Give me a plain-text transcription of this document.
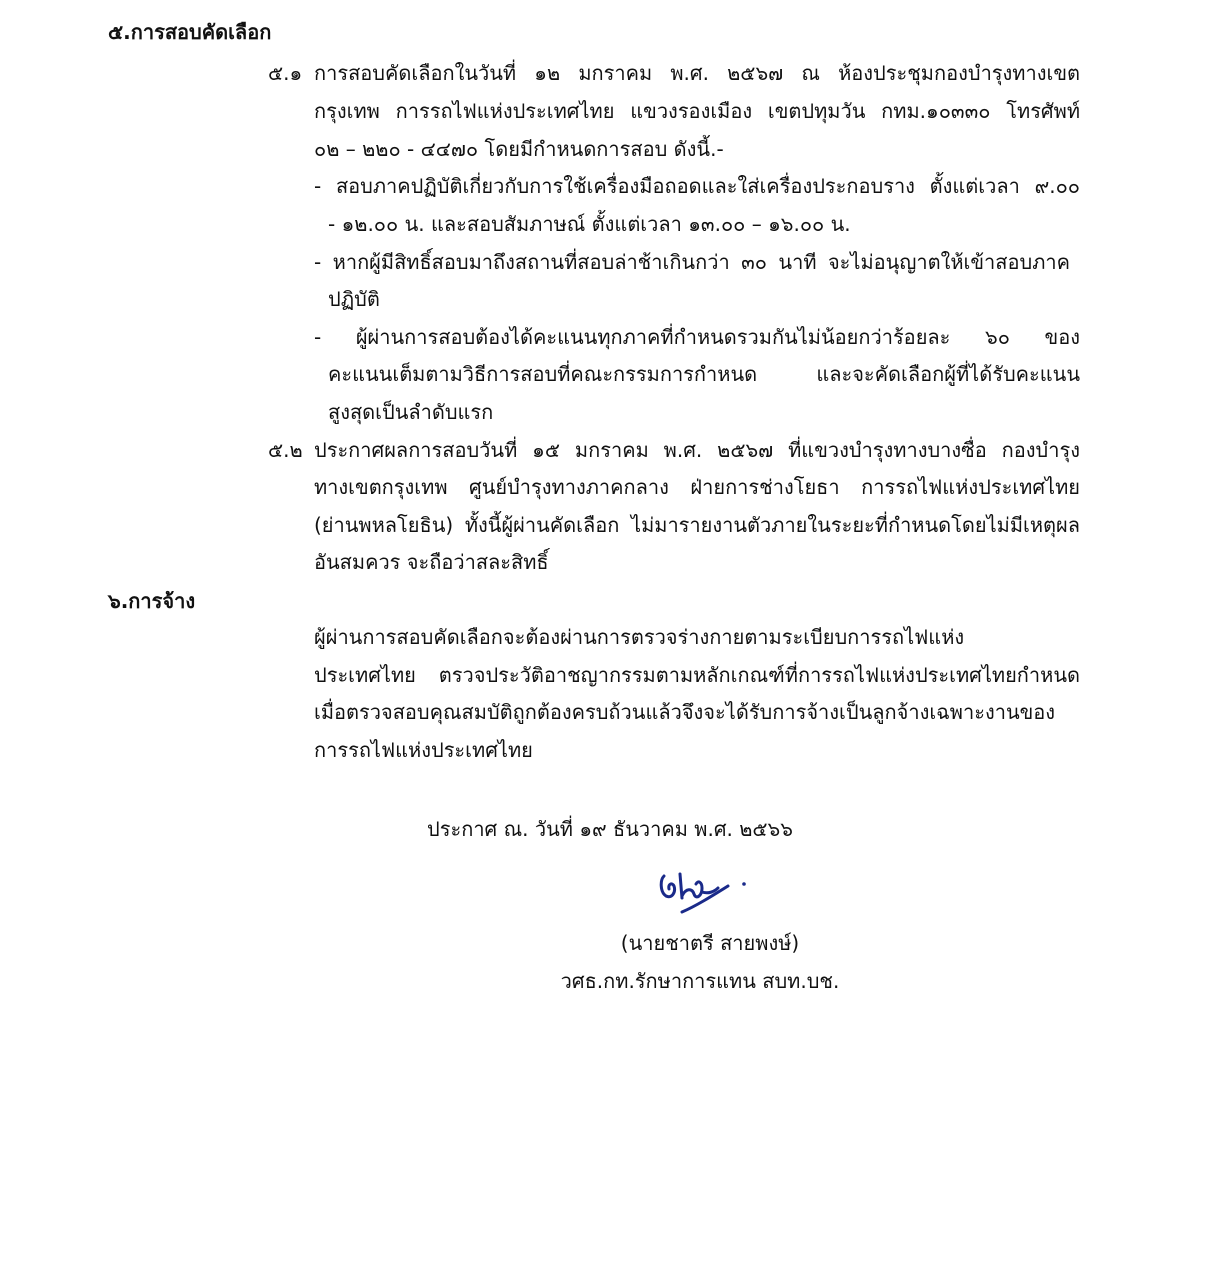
๕.การสอบคัดเลือก
๕.๑ การสอบคัดเลือกในวันที่ ๑๒ มกราคม พ.ศ. ๒๕๖๗ ณ ห้องประชุมกองบำรุงทางเขต
กรุงเทพ การรถไฟแห่งประเทศไทย แขวงรองเมือง เขตปทุมวัน กทม.๑๐๓๓๐ โทรศัพท์
๐๒ – ๒๒๐ - ๔๔๗๐ โดยมีกำหนดการสอบ ดังนี้.-
- สอบภาคปฏิบัติเกี่ยวกับการใช้เครื่องมือถอดและใส่เครื่องประกอบราง ตั้งแต่เวลา ๙.๐๐
- ๑๒.๐๐ น. และสอบสัมภาษณ์ ตั้งแต่เวลา ๑๓.๐๐ – ๑๖.๐๐ น.
- หากผู้มีสิทธิ์สอบมาถึงสถานที่สอบล่าช้าเกินกว่า ๓๐ นาที จะไม่อนุญาตให้เข้าสอบภาค
ปฏิบัติ
- ผู้ผ่านการสอบต้องได้คะแนนทุกภาคที่กำหนดรวมกันไม่น้อยกว่าร้อยละ ๖๐ ของ
คะแนนเต็มตามวิธีการสอบที่คณะกรรมการกำหนด และจะคัดเลือกผู้ที่ได้รับคะแนน
สูงสุดเป็นลำดับแรก
๕.๒ ประกาศผลการสอบวันที่ ๑๕ มกราคม พ.ศ. ๒๕๖๗ ที่แขวงบำรุงทางบางซื่อ กองบำรุง
ทางเขตกรุงเทพ ศูนย์บำรุงทางภาคกลาง ฝ่ายการช่างโยธา การรถไฟแห่งประเทศไทย
(ย่านพหลโยธิน) ทั้งนี้ผู้ผ่านคัดเลือก ไม่มารายงานตัวภายในระยะที่กำหนดโดยไม่มีเหตุผล
อันสมควร จะถือว่าสละสิทธิ์
๖.การจ้าง
ผู้ผ่านการสอบคัดเลือกจะต้องผ่านการตรวจร่างกายตามระเบียบการรถไฟแห่ง
ประเทศไทย ตรวจประวัติอาชญากรรมตามหลักเกณฑ์ที่การรถไฟแห่งประเทศไทยกำหนด
เมื่อตรวจสอบคุณสมบัติถูกต้องครบถ้วนแล้วจึงจะได้รับการจ้างเป็นลูกจ้างเฉพาะงานของ
การรถไฟแห่งประเทศไทย
ประกาศ ณ. วันที่ ๑๙ ธันวาคม พ.ศ. ๒๕๖๖
(นายชาตรี สายพงษ์)
วศธ.กท.รักษาการแทน สบท.บช.
